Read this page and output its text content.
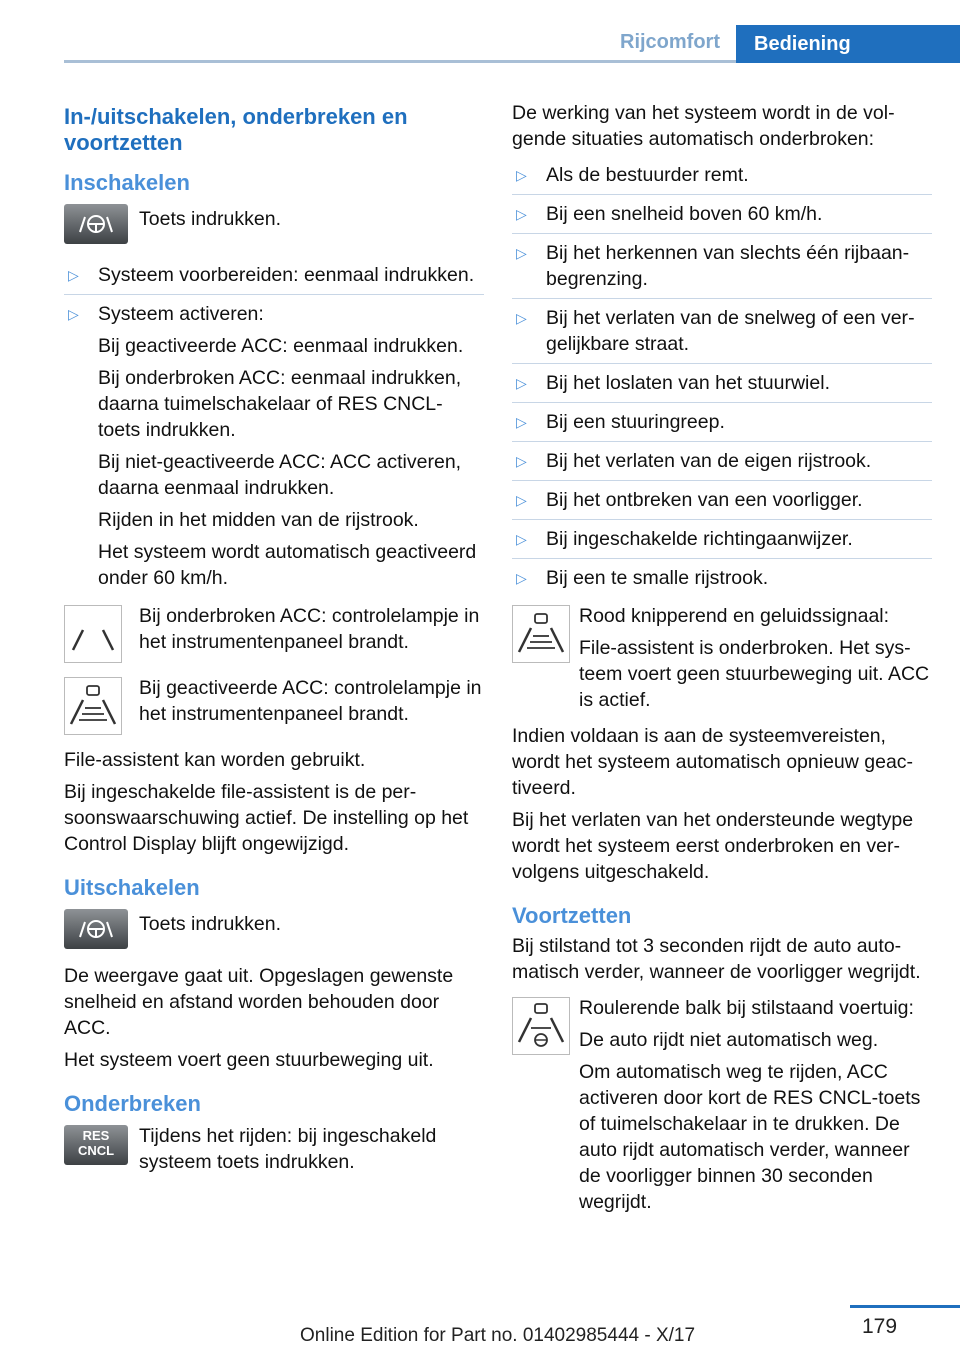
Rijcomfort	Bediening
In-/uitschakelen, onderbreken en voortzetten
Inschakelen
Toets indrukken.
▷ Systeem voorbereiden: eenmaal indrukken.
▷ Systeem activeren:

Bij geactiveerde ACC: eenmaal indrukken.

Bij onderbroken ACC: eenmaal indrukken, daarna tuimelschakelaar of RES CNCL-toets indrukken.

Bij niet-geactiveerde ACC: ACC activeren, daarna eenmaal indrukken.

Rijden in het midden van de rijstrook.

Het systeem wordt automatisch geactiveerd onder 60 km/h.

Bij onderbroken ACC: controlelampje in het instrumentenpaneel brandt.
Bij geactiveerde ACC: controlelampje in het instrumentenpaneel brandt.

File-assistent kan worden gebruikt.

Bij ingeschakelde file-assistent is de persoonswaarschuwing actief. De instelling op het Control Display blijft ongewijzigd.

Uitschakelen
Toets indrukken.

De weergave gaat uit. Opgeslagen gewenste snelheid en afstand worden behouden door ACC.

Het systeem voert geen stuurbeweging uit.

Onderbreken
RES
CNCL
Tijdens het rijden: bij ingeschakeld systeem toets indrukken.

De werking van het systeem wordt in de volgende situaties automatisch onderbroken:

▷ Als de bestuurder remt.
▷ Bij een snelheid boven 60 km/h.
▷ Bij het herkennen van slechts één rijbaanbegrenzing.
▷ Bij het verlaten van de snelweg of een vergelijkbare straat.
▷ Bij het loslaten van het stuurwiel.
▷ Bij een stuuringreep.
▷ Bij het verlaten van de eigen rijstrook.
▷ Bij het ontbreken van een voorligger.
▷ Bij ingeschakelde richtingaanwijzer.
▷ Bij een te smalle rijstrook.
Rood knipperend en geluidssignaal:
File-assistent is onderbroken. Het systeem voert geen stuurbeweging uit. ACC is actief.

Indien voldaan is aan de systeemvereisten, wordt het systeem automatisch opnieuw geactiveerd.

Bij het verlaten van het ondersteunde wegtype wordt het systeem eerst onderbroken en vervolgens uitgeschakeld.

Voortzetten

Bij stilstand tot 3 seconden rijdt de auto automatisch verder, wanneer de voorligger wegrijdt.

Roulerende balk bij stilstaand voertuig:
De auto rijdt niet automatisch weg.
Om automatisch weg te rijden, ACC activeren door kort de RES CNCL-toets of tuimelschakelaar in te drukken. De auto rijdt automatisch verder, wanneer de voorligger binnen 30 seconden wegrijdt.
179
Online Edition for Part no. 01402985444 - X/17
